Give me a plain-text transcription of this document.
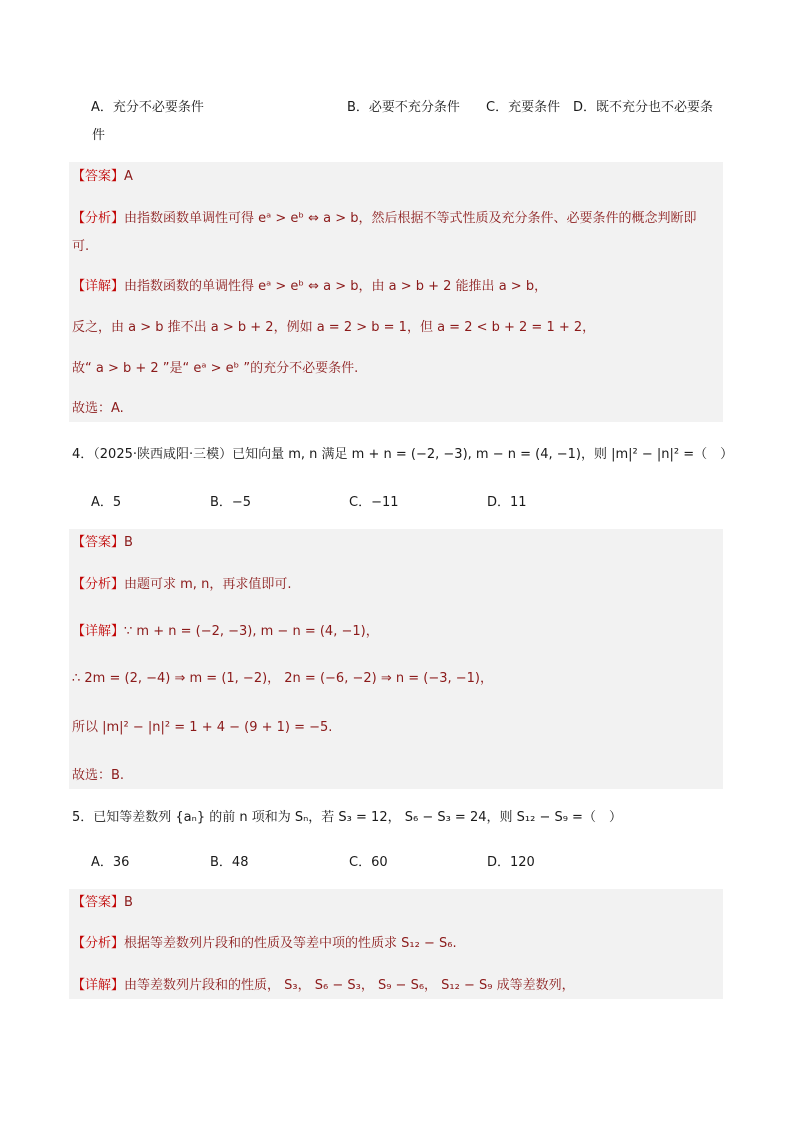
A．充分不必要条件	B．必要不充分条件 C．充要条件 D．既不充分也不必要条
件
【答案】A
【分析】由指数函数单调性可得 eᵃ > eᵇ ⇔ a > b，然后根据不等式性质及充分条件、必要条件的概念判断即
可.
【详解】由指数函数的单调性得 eᵃ > eᵇ ⇔ a > b，由 a > b + 2 能推出 a > b，
反之，由 a > b 推不出 a > b + 2，例如 a = 2 > b = 1，但 a = 2 < b + 2 = 1 + 2，
故“ a > b + 2 ”是“ eᵃ > eᵇ ”的充分不必要条件.
故选：A.
4．（2025·陕西咸阳·三模）已知向量 m, n 满足 m + n = (−2, −3), m − n = (4, −1)，则 |m|² − |n|² =（　）
A．5	B．−5	C．−11	D．11
【答案】B
【分析】由题可求 m, n，再求值即可.
【详解】∵ m + n = (−2, −3), m − n = (4, −1)，
∴ 2m = (2, −4) ⇒ m = (1, −2)， 2n = (−6, −2) ⇒ n = (−3, −1)，
所以 |m|² − |n|² = 1 + 4 − (9 + 1) = −5.
故选：B.
5．已知等差数列 {aₙ} 的前 n 项和为 Sₙ，若 S₃ = 12， S₆ − S₃ = 24，则 S₁₂ − S₉ =（　）
A．36	B．48	C．60	D．120
【答案】B
【分析】根据等差数列片段和的性质及等差中项的性质求 S₁₂ − S₆.
【详解】由等差数列片段和的性质， S₃， S₆ − S₃， S₉ − S₆， S₁₂ − S₉ 成等差数列，
